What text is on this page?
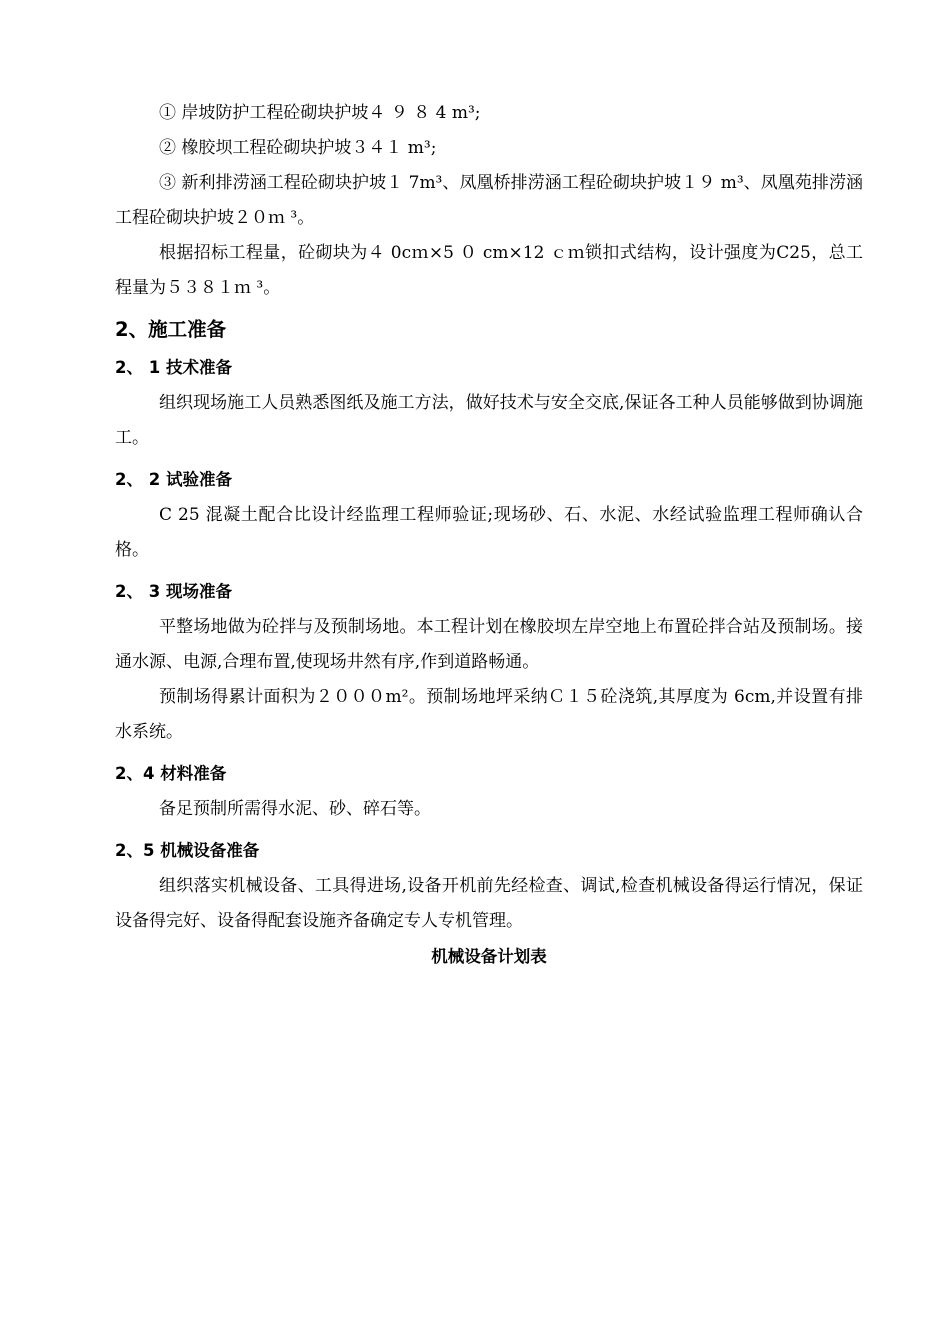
① 岸坡防护工程砼砌块护坡４ ９ ８ 4 m³;

② 橡胶坝工程砼砌块护坡３４１ m³;

③ 新利排涝涵工程砼砌块护坡１ 7m³、凤凰桥排涝涵工程砼砌块护坡１９ m³、凤凰苑排涝涵工程砼砌块护坡２０ｍ ³。

根据招标工程量，砼砌块为４ 0cｍ×5 ０ cm×12 ｃｍ锁扣式结构，设计强度为C25，总工程量为５３８１ｍ ³。

2、施工准备
2、 1 技术准备

组织现场施工人员熟悉图纸及施工方法，做好技术与安全交底,保证各工种人员能够做到协调施工。

2、 2 试验准备

C 25 混凝土配合比设计经监理工程师验证;现场砂、石、水泥、水经试验监理工程师确认合格。

2、 3 现场准备

平整场地做为砼拌与及预制场地。本工程计划在橡胶坝左岸空地上布置砼拌合站及预制场。接通水源、电源,合理布置,使现场井然有序,作到道路畅通。

预制场得累计面积为２０００m²。预制场地坪采纳Ｃ１５砼浇筑,其厚度为 6cm,并设置有排水系统。

2、4 材料准备

备足预制所需得水泥、砂、碎石等。

2、5 机械设备准备

组织落实机械设备、工具得进场,设备开机前先经检查、调试,检查机械设备得运行情况，保证设备得完好、设备得配套设施齐备确定专人专机管理。

机械设备计划表
